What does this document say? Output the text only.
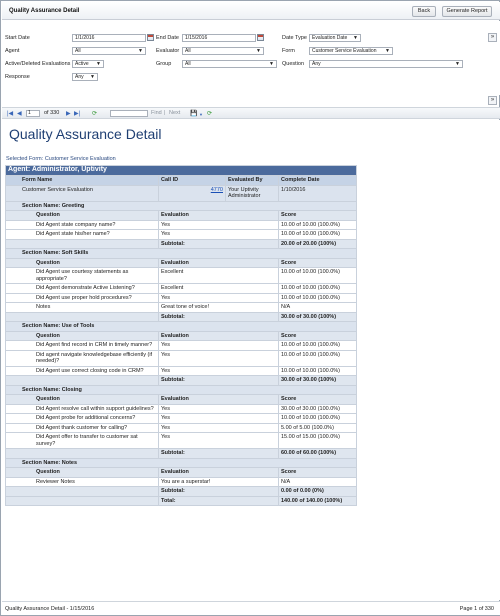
Quality Assurance Detail	Back	Generate Report
Start Date	1/1/2016	End Date	1/15/2016	Date Type	Evaluation Date ▼	»
Agent	All	▼ Evaluator	All	▼	Form	Customer Service Evaluation ▼
Active/Deleted Evaluations Active ▼	Group	All	▼ Question	Any	▼
Response	Any ▼
»
|◀ ◀	1	of 330 ▶ ▶| ⟳	Find | Next 💾 ▼ ⟳
Quality Assurance Detail
Selected Form: Customer Service Evaluation
Agent: Administrator, Uptivity			
Form Name	Call ID	Evaluated By	Complete Date
Customer Service Evaluation	4770	Your Uptivity Administrator	1/10/2016
Section Name: Greeting			
Question	Evaluation		Score
Did Agent state company name?	Yes		10.00 of 10.00 (100.0%)
Did Agent state his/her name?	Yes		10.00 of 10.00 (100.0%)
	Subtotal:		20.00 of 20.00 (100%)
Section Name: Soft Skills			
Question	Evaluation		Score
Did Agent use courtesy statements as appropriate?	Excellent		10.00 of 10.00 (100.0%)
Did Agent demonstrate Active Listening?	Excellent		10.00 of 10.00 (100.0%)
Did Agent use proper hold procedures?	Yes		10.00 of 10.00 (100.0%)
Notes	Great tone of voice!		N/A
	Subtotal:		30.00 of 30.00 (100%)
Section Name: Use of Tools			
Question	Evaluation		Score
Did Agent find record in CRM in timely manner?	Yes		10.00 of 10.00 (100.0%)
Did agent navigate knowledgebase efficiently (if needed)?	Yes		10.00 of 10.00 (100.0%)
Did Agent use correct closing code in CRM?	Yes		10.00 of 10.00 (100.0%)
	Subtotal:		30.00 of 30.00 (100%)
Section Name: Closing			
Question	Evaluation		Score
Did Agent resolve call within support guidelines?	Yes		30.00 of 30.00 (100.0%)
Did Agent probe for additional concerns?	Yes		10.00 of 10.00 (100.0%)
Did Agent thank customer for calling?	Yes		5.00 of 5.00 (100.0%)
Did Agent offer to transfer to customer sat survey?	Yes		15.00 of 15.00 (100.0%)
	Subtotal:		60.00 of 60.00 (100%)
Section Name: Notes			
Question	Evaluation		Score
Reviewer Notes	You are a superstar!		N/A
	Subtotal:		0.00 of 0.00 (0%)
	Total:		140.00 of 140.00 (100%)
Quality Assurance Detail - 1/15/2016	Page 1 of 330
